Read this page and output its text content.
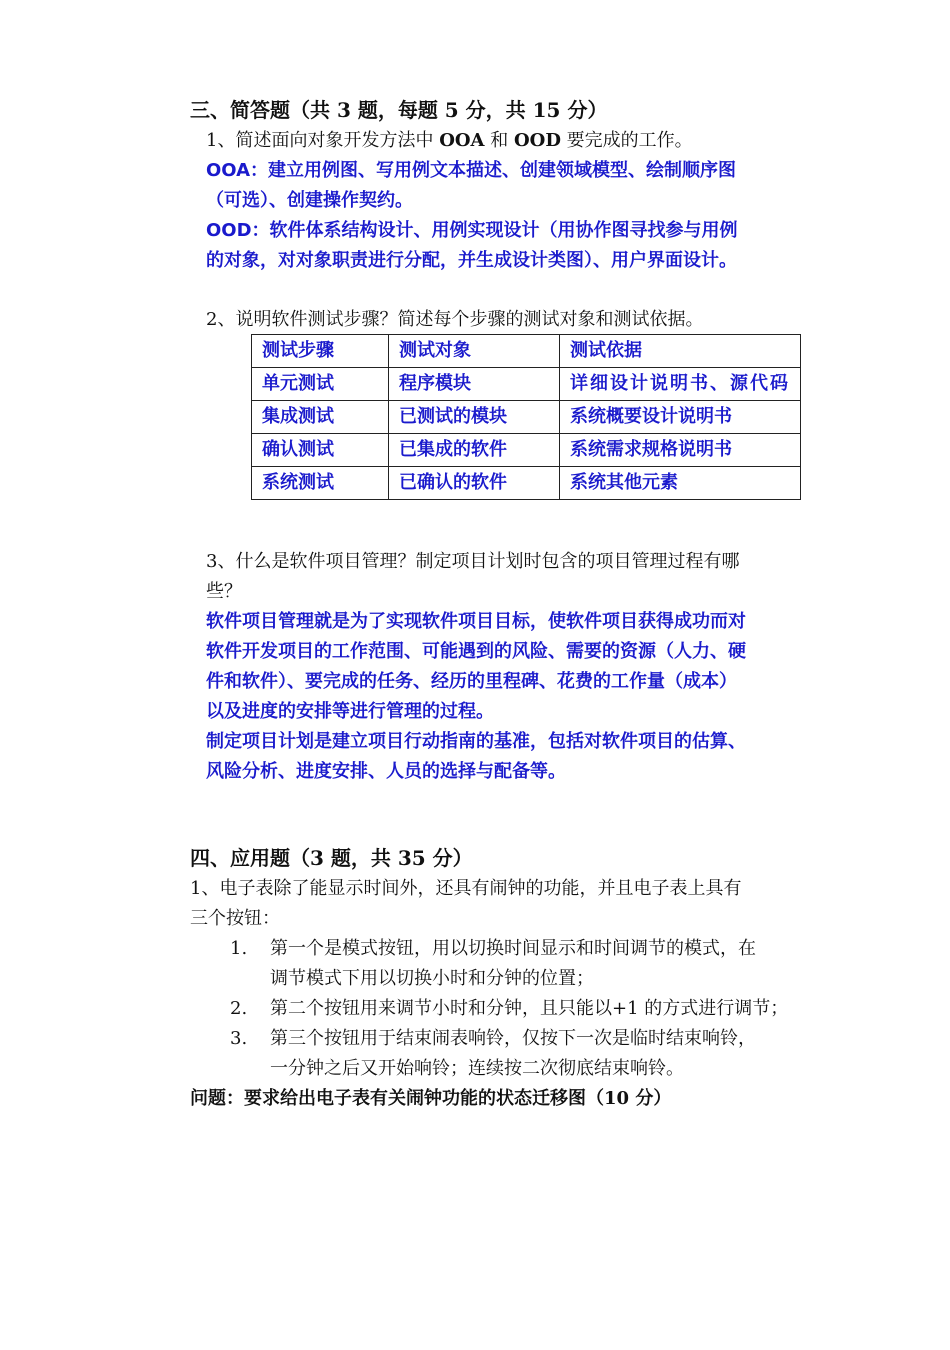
三、简答题（共 3 题，每题 5 分，共 15 分）
1、简述面向对象开发方法中 OOA 和 OOD 要完成的工作。
OOA：建立用例图、写用例文本描述、创建领域模型、绘制顺序图
（可选）、创建操作契约。
OOD：软件体系结构设计、用例实现设计（用协作图寻找参与用例
的对象，对对象职责进行分配，并生成设计类图）、用户界面设计。
2、说明软件测试步骤？简述每个步骤的测试对象和测试依据。
测试步骤	测试对象	测试依据
单元测试	程序模块	详细设计说明书、源代码
集成测试	已测试的模块	系统概要设计说明书
确认测试	已集成的软件	系统需求规格说明书
系统测试	已确认的软件	系统其他元素
3、什么是软件项目管理？制定项目计划时包含的项目管理过程有哪
些？
软件项目管理就是为了实现软件项目目标，使软件项目获得成功而对
软件开发项目的工作范围、可能遇到的风险、需要的资源（人力、硬
件和软件）、要完成的任务、经历的里程碑、花费的工作量（成本）
以及进度的安排等进行管理的过程。
制定项目计划是建立项目行动指南的基准，包括对软件项目的估算、
风险分析、进度安排、人员的选择与配备等。
四、应用题（3 题，共 35 分）
1、电子表除了能显示时间外，还具有闹钟的功能，并且电子表上具有
三个按钮：
1. 第一个是模式按钮，用以切换时间显示和时间调节的模式，在
调节模式下用以切换小时和分钟的位置；
2. 第二个按钮用来调节小时和分钟，且只能以+1 的方式进行调节；
3. 第三个按钮用于结束闹表响铃，仅按下一次是临时结束响铃，
一分钟之后又开始响铃；连续按二次彻底结束响铃。
问题：要求给出电子表有关闹钟功能的状态迁移图（10 分）
